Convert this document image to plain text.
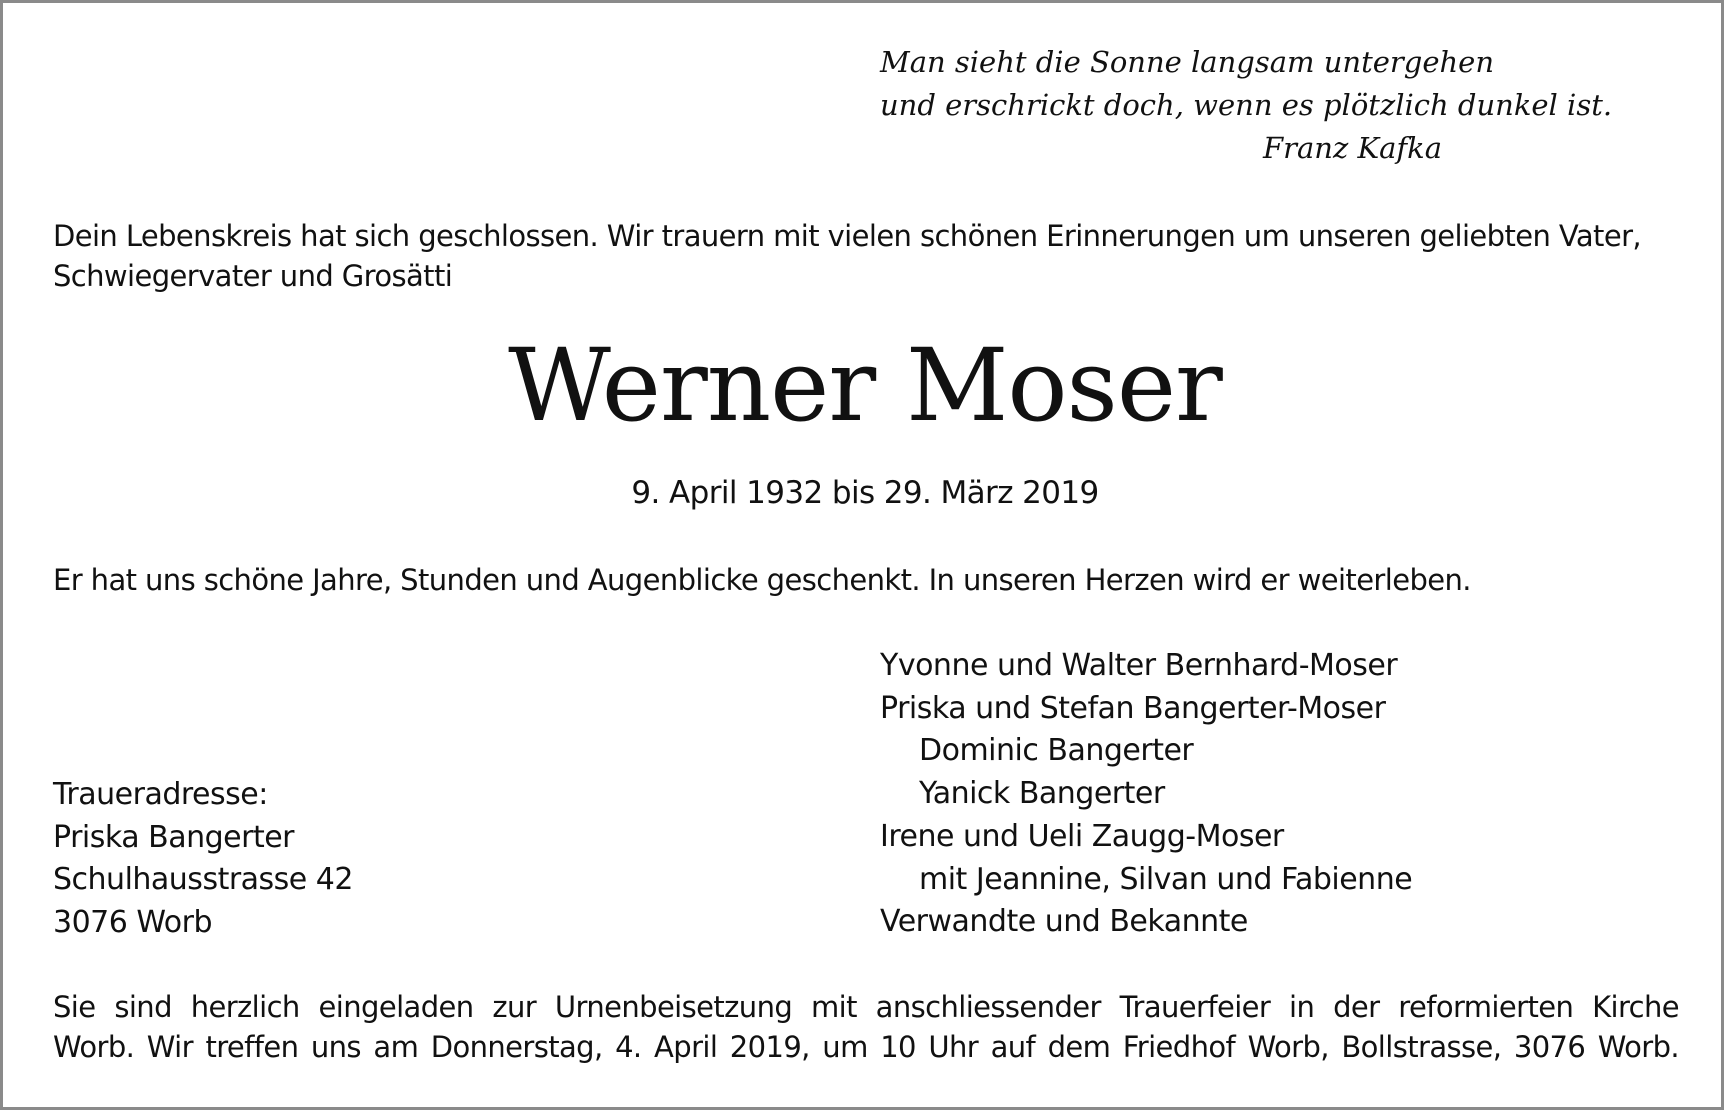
Man sieht die Sonne langsam untergehen
und erschrickt doch, wenn es plötzlich dunkel ist.
Franz Kafka
Dein Lebenskreis hat sich geschlossen. Wir trauern mit vielen schönen Erinnerungen um unseren geliebten Vater,
Schwiegervater und Grosätti
Werner Moser
9. April 1932 bis 29. März 2019
Er hat uns schöne Jahre, Stunden und Augenblicke geschenkt. In unseren Herzen wird er weiterleben.
Yvonne und Walter Bernhard-Moser
Priska und Stefan Bangerter-Moser
Dominic Bangerter
Yanick Bangerter
Irene und Ueli Zaugg-Moser
mit Jeannine, Silvan und Fabienne
Verwandte und Bekannte
Traueradresse:
Priska Bangerter
Schulhausstrasse 42
3076 Worb
Sie sind herzlich eingeladen zur Urnenbeisetzung mit anschliessender Trauerfeier in der reformierten Kirche
Worb. Wir treffen uns am Donnerstag, 4. April 2019, um 10 Uhr auf dem Friedhof Worb, Bollstrasse, 3076 Worb.
